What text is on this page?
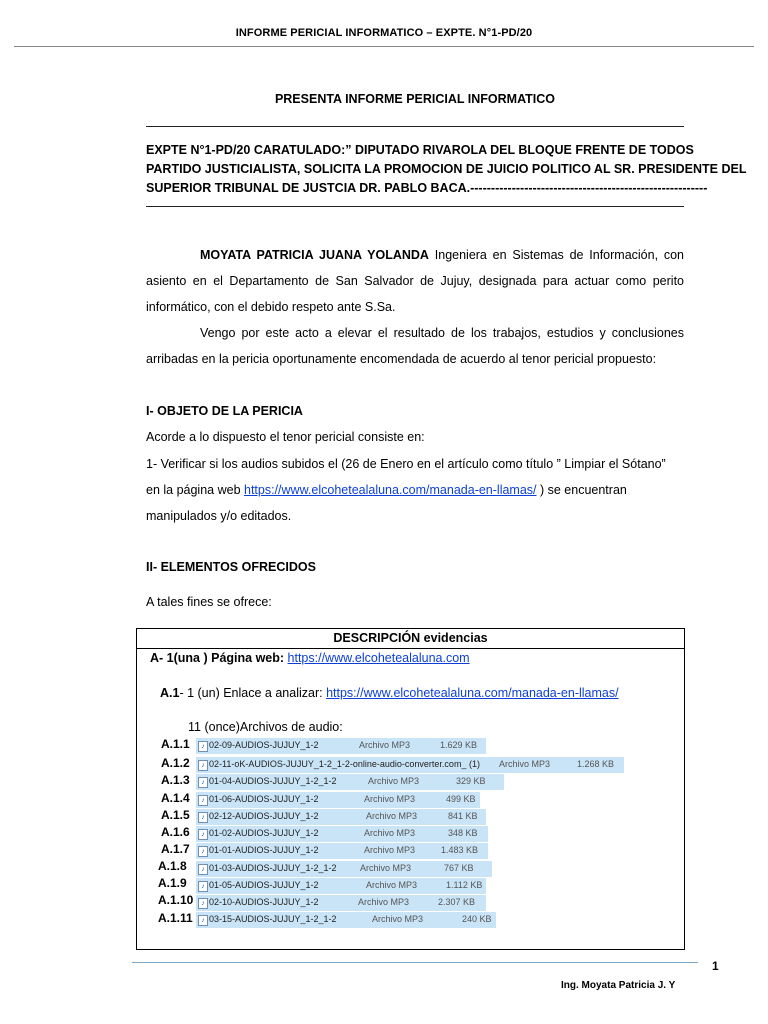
INFORME PERICIAL INFORMATICO – EXPTE. N°1-PD/20
PRESENTA INFORME PERICIAL INFORMATICO
EXPTE N°1-PD/20 CARATULADO:” DIPUTADO RIVAROLA DEL BLOQUE FRENTE DE TODOS
PARTIDO JUSTICIALISTA, SOLICITA LA PROMOCION DE JUICIO POLITICO AL SR. PRESIDENTE DEL
SUPERIOR TRIBUNAL DE JUSTCIA DR. PABLO BACA.---------------------------------------------------------
MOYATA PATRICIA JUANA YOLANDA Ingeniera en Sistemas de Información, con
asiento en el Departamento de San Salvador de Jujuy, designada para actuar como perito
informático, con el debido respeto ante S.Sa.
Vengo por este acto a elevar el resultado de los trabajos, estudios y conclusiones
arribadas en la pericia oportunamente encomendada de acuerdo al tenor pericial propuesto:
I- OBJETO DE LA PERICIA
Acorde a lo dispuesto el tenor pericial consiste en:
1- Verificar si los audios subidos el (26 de Enero en el artículo como título ” Limpiar el Sótano”
en la página web https://www.elcohetealaluna.com/manada-en-llamas/ ) se encuentran
manipulados y/o editados.
II- ELEMENTOS OFRECIDOS
A tales fines se ofrece:
DESCRIPCIÓN evidencias
A- 1(una ) Página web: https://www.elcohetealaluna.com
A.1- 1 (un) Enlace a analizar: https://www.elcohetealaluna.com/manada-en-llamas/
11 (once)Archivos de audio:
A.1.1	♪ 02-09-AUDIOS-JUJUY_1-2	Archivo MP3	1.629 KB
A.1.2	♪ 02-11-oK-AUDIOS-JUJUY_1-2_1-2-online-audio-converter.com_ (1) Archivo MP3	1.268 KB
A.1.3	♪ 01-04-AUDIOS-JUJUY_1-2_1-2	Archivo MP3	329 KB
A.1.4	♪ 01-06-AUDIOS-JUJUY_1-2	Archivo MP3	499 KB
A.1.5	♪ 02-12-AUDIOS-JUJUY_1-2	Archivo MP3	841 KB
A.1.6	♪ 01-02-AUDIOS-JUJUY_1-2	Archivo MP3	348 KB
A.1.7	♪ 01-01-AUDIOS-JUJUY_1-2	Archivo MP3	1.483 KB
A.1.8	♪ 01-03-AUDIOS-JUJUY_1-2_1-2	Archivo MP3	767 KB
A.1.9	♪ 01-05-AUDIOS-JUJUY_1-2	Archivo MP3	1.112 KB
A.1.10	♪ 02-10-AUDIOS-JUJUY_1-2	Archivo MP3	2.307 KB
A.1.11	♪ 03-15-AUDIOS-JUJUY_1-2_1-2	Archivo MP3	240 KB
1
Ing. Moyata Patricia J. Y
